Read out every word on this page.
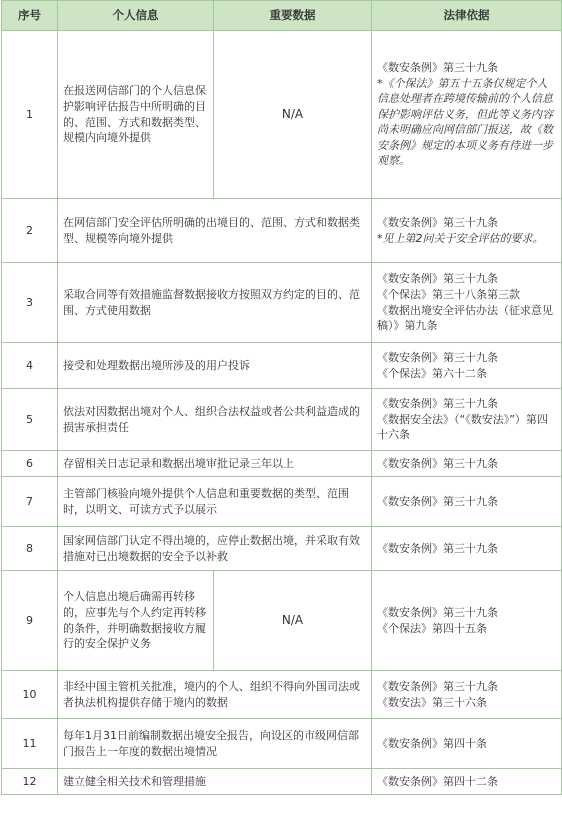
序号	个人信息	重要数据	法律依据
1	在报送网信部门的个人信息保护影响评估报告中所明确的目的、范围、方式和数据类型、规模内向境外提供	N/A	《数安条例》第三十九条
*《个保法》第五十五条仅规定个人信息处理者在跨境传输前的个人信息保护影响评估义务，但此等义务内容尚未明确应向网信部门报送，故《数安条例》规定的本项义务有待进一步观察。

2	在网信部门安全评估所明确的出境目的、范围、方式和数据类型、规模等向境外提供		《数安条例》第三十九条
*见上第2问关于安全评估的要求。

3	采取合同等有效措施监督数据接收方按照双方约定的目的、范围、方式使用数据		《数安条例》第三十九条
《个保法》第三十八条第三款
《数据出境安全评估办法（征求意见稿）》第九条

4	接受和处理数据出境所涉及的用户投诉		《数安条例》第三十九条
《个保法》第六十二条

5	依法对因数据出境对个人、组织合法权益或者公共利益造成的损害承担责任		《数安条例》第三十九条
《数据安全法》（“《数安法》”）第四十六条

6	存留相关日志记录和数据出境审批记录三年以上		《数安条例》第三十九条
7	主管部门核验向境外提供个人信息和重要数据的类型、范围时，以明文、可读方式予以展示		《数安条例》第三十九条
8	国家网信部门认定不得出境的，应停止数据出境，并采取有效措施对已出境数据的安全予以补救		《数安条例》第三十九条
9	个人信息出境后确需再转移的，应事先与个人约定再转移的条件，并明确数据接收方履行的安全保护义务	N/A	《数安条例》第三十九条
《个保法》第四十五条

10	非经中国主管机关批准，境内的个人、组织不得向外国司法或者执法机构提供存储于境内的数据		《数安条例》第三十九条
《数安法》第三十六条

11	每年1月31日前编制数据出境安全报告，向设区的市级网信部门报告上一年度的数据出境情况		《数安条例》第四十条
12	建立健全相关技术和管理措施		《数安条例》第四十二条
